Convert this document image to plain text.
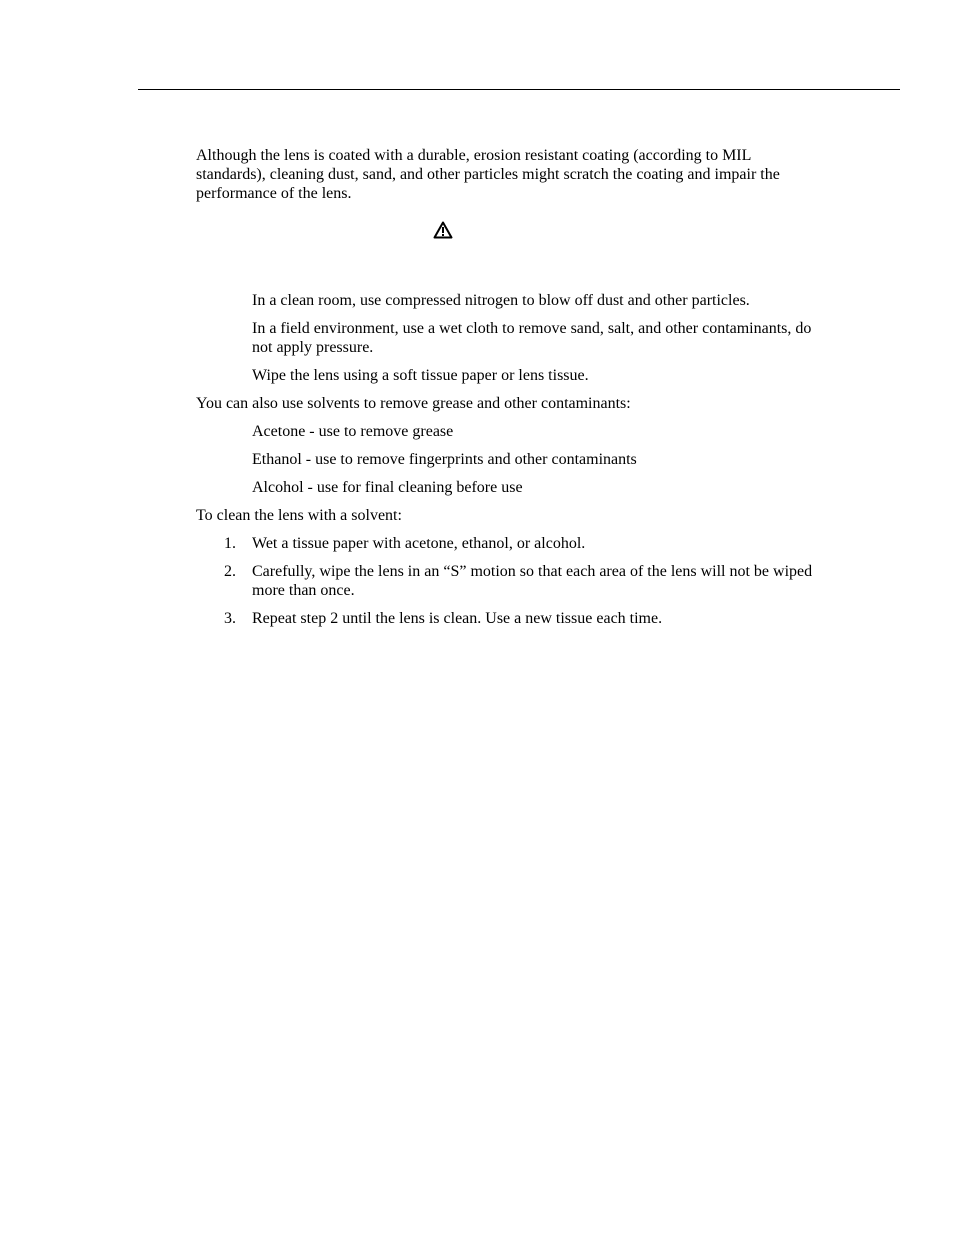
Although the lens is coated with a durable, erosion resistant coating (according to MIL standards), cleaning dust, sand, and other particles might scratch the coating and impair the performance of the lens.

In a clean room, use compressed nitrogen to blow off dust and other particles.

In a field environment, use a wet cloth to remove sand, salt, and other contaminants, do not apply pressure.

Wipe the lens using a soft tissue paper or lens tissue.

You can also use solvents to remove grease and other contaminants:

Acetone - use to remove grease

Ethanol - use to remove fingerprints and other contaminants

Alcohol - use for final cleaning before use

To clean the lens with a solvent:

1.	Wet a tissue paper with acetone, ethanol, or alcohol.

2.	Carefully, wipe the lens in an “S” motion so that each area of the lens will not be wiped more than once.

3.	Repeat step 2 until the lens is clean. Use a new tissue each time.
